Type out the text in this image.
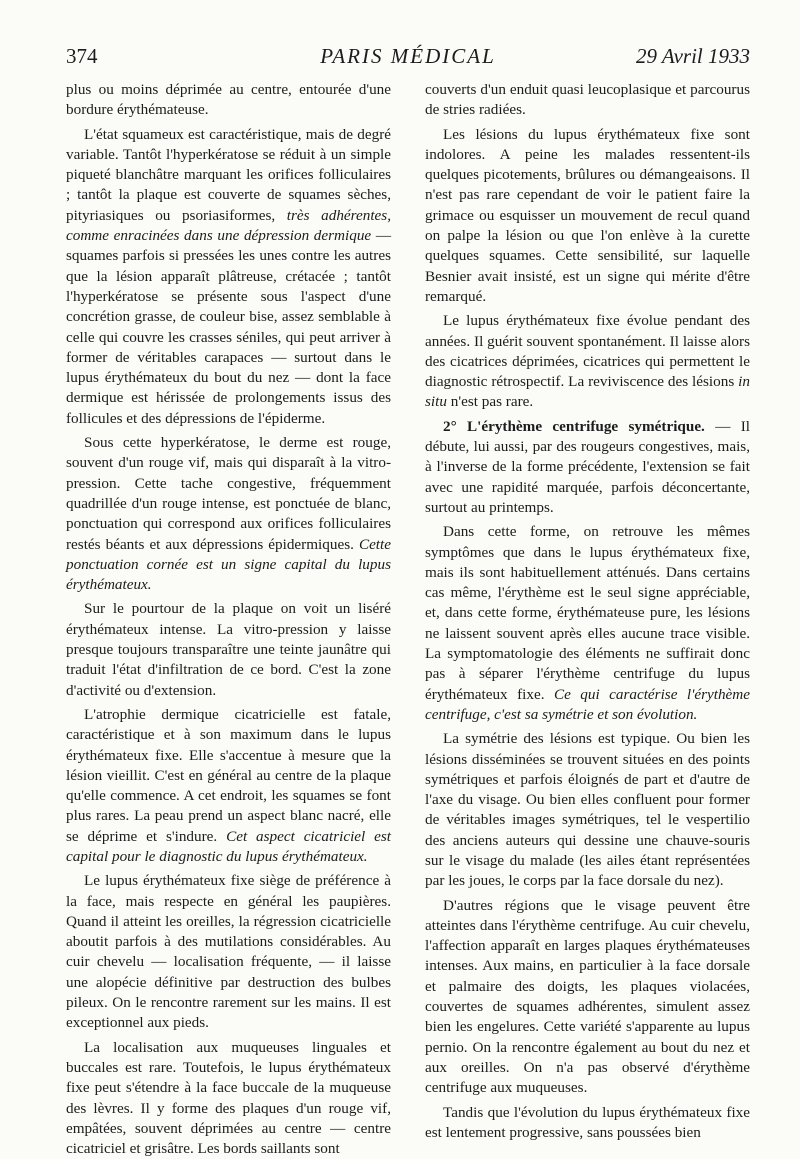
374	PARIS MÉDICAL	29 Avril 1933

plus ou moins déprimée au centre, entourée d'une bordure érythémateuse.

L'état squameux est caractéristique, mais de degré variable. Tantôt l'hyperkératose se réduit à un simple piqueté blanchâtre marquant les orifices folliculaires ; tantôt la plaque est couverte de squames sèches, pityriasiques ou psoriasiformes, très adhérentes, comme enracinées dans une dépression dermique — squames parfois si pressées les unes contre les autres que la lésion apparaît plâtreuse, crétacée ; tantôt l'hyperkératose se présente sous l'aspect d'une concrétion grasse, de couleur bise, assez semblable à celle qui couvre les crasses séniles, qui peut arriver à former de véritables carapaces — surtout dans le lupus érythémateux du bout du nez — dont la face dermique est hérissée de prolongements issus des follicules et des dépressions de l'épiderme.

Sous cette hyperkératose, le derme est rouge, souvent d'un rouge vif, mais qui disparaît à la vitro-pression. Cette tache congestive, fréquemment quadrillée d'un rouge intense, est ponctuée de blanc, ponctuation qui correspond aux orifices folliculaires restés béants et aux dépressions épidermiques. Cette ponctuation cornée est un signe capital du lupus érythémateux.

Sur le pourtour de la plaque on voit un liséré érythémateux intense. La vitro-pression y laisse presque toujours transparaître une teinte jaunâtre qui traduit l'état d'infiltration de ce bord. C'est la zone d'activité ou d'extension.

L'atrophie dermique cicatricielle est fatale, caractéristique et à son maximum dans le lupus érythémateux fixe. Elle s'accentue à mesure que la lésion vieillit. C'est en général au centre de la plaque qu'elle commence. A cet endroit, les squames se font plus rares. La peau prend un aspect blanc nacré, elle se déprime et s'indure. Cet aspect cicatriciel est capital pour le diagnostic du lupus érythémateux.

Le lupus érythémateux fixe siège de préférence à la face, mais respecte en général les paupières. Quand il atteint les oreilles, la régression cicatricielle aboutit parfois à des mutilations considérables. Au cuir chevelu — localisation fréquente, — il laisse une alopécie définitive par destruction des bulbes pileux. On le rencontre rarement sur les mains. Il est exceptionnel aux pieds.

La localisation aux muqueuses linguales et buccales est rare. Toutefois, le lupus érythémateux fixe peut s'étendre à la face buccale de la muqueuse des lèvres. Il y forme des plaques d'un rouge vif, empâtées, souvent déprimées au centre — centre cicatriciel et grisâtre. Les bords saillants sont

couverts d'un enduit quasi leucoplasique et parcourus de stries radiées.

Les lésions du lupus érythémateux fixe sont indolores. A peine les malades ressentent-ils quelques picotements, brûlures ou démangeaisons. Il n'est pas rare cependant de voir le patient faire la grimace ou esquisser un mouvement de recul quand on palpe la lésion ou que l'on enlève à la curette quelques squames. Cette sensibilité, sur laquelle Besnier avait insisté, est un signe qui mérite d'être remarqué.

Le lupus érythémateux fixe évolue pendant des années. Il guérit souvent spontanément. Il laisse alors des cicatrices déprimées, cicatrices qui permettent le diagnostic rétrospectif. La reviviscence des lésions in situ n'est pas rare.

2° L'érythème centrifuge symétrique. — Il débute, lui aussi, par des rougeurs congestives, mais, à l'inverse de la forme précédente, l'extension se fait avec une rapidité marquée, parfois déconcertante, surtout au printemps.

Dans cette forme, on retrouve les mêmes symptômes que dans le lupus érythémateux fixe, mais ils sont habituellement atténués. Dans certains cas même, l'érythème est le seul signe appréciable, et, dans cette forme, érythémateuse pure, les lésions ne laissent souvent après elles aucune trace visible. La symptomatologie des éléments ne suffirait donc pas à séparer l'érythème centrifuge du lupus érythémateux fixe. Ce qui caractérise l'érythème centrifuge, c'est sa symétrie et son évolution.

La symétrie des lésions est typique. Ou bien les lésions disséminées se trouvent situées en des points symétriques et parfois éloignés de part et d'autre de l'axe du visage. Ou bien elles confluent pour former de véritables images symétriques, tel le vespertilio des anciens auteurs qui dessine une chauve-souris sur le visage du malade (les ailes étant représentées par les joues, le corps par la face dorsale du nez).

D'autres régions que le visage peuvent être atteintes dans l'érythème centrifuge. Au cuir chevelu, l'affection apparaît en larges plaques érythémateuses intenses. Aux mains, en particulier à la face dorsale et palmaire des doigts, les plaques violacées, couvertes de squames adhérentes, simulent assez bien les engelures. Cette variété s'apparente au lupus pernio. On la rencontre également au bout du nez et aux oreilles. On n'a pas observé d'érythème centrifuge aux muqueuses.

Tandis que l'évolution du lupus érythémateux fixe est lentement progressive, sans poussées bien
